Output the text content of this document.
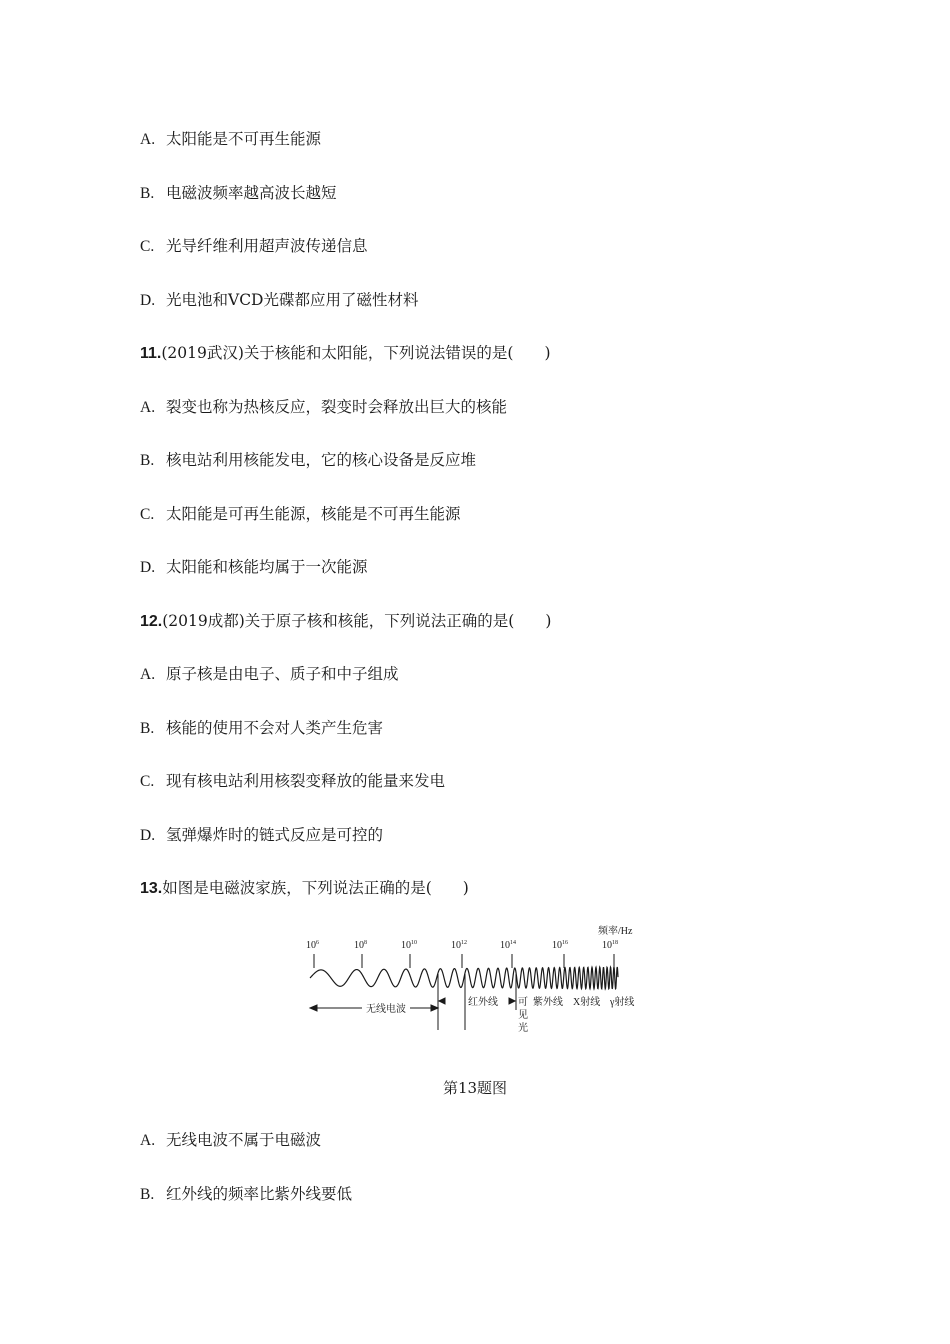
A. 太阳能是不可再生能源
B. 电磁波频率越高波长越短
C. 光导纤维利用超声波传递信息
D. 光电池和VCD光碟都应用了磁性材料
11.(2019武汉)关于核能和太阳能，下列说法错误的是(　　)
A. 裂变也称为热核反应，裂变时会释放出巨大的核能
B. 核电站利用核能发电，它的核心设备是反应堆
C. 太阳能是可再生能源，核能是不可再生能源
D. 太阳能和核能均属于一次能源
12.(2019成都)关于原子核和核能，下列说法正确的是(　　)
A. 原子核是由电子、质子和中子组成
B. 核能的使用不会对人类产生危害
C. 现有核电站利用核裂变释放的能量来发电
D. 氢弹爆炸时的链式反应是可控的
13.如图是电磁波家族，下列说法正确的是(　　)
频率/Hz
$10^6$	$10^8$	$10^{10}$	$10^{12}$	$10^{14}$	$10^{16}$	$10^{18}$
无线电波
红外线 可
见
光
紫外线 X射线 γ射线
第13题图
A. 无线电波不属于电磁波
B. 红外线的频率比紫外线要低
